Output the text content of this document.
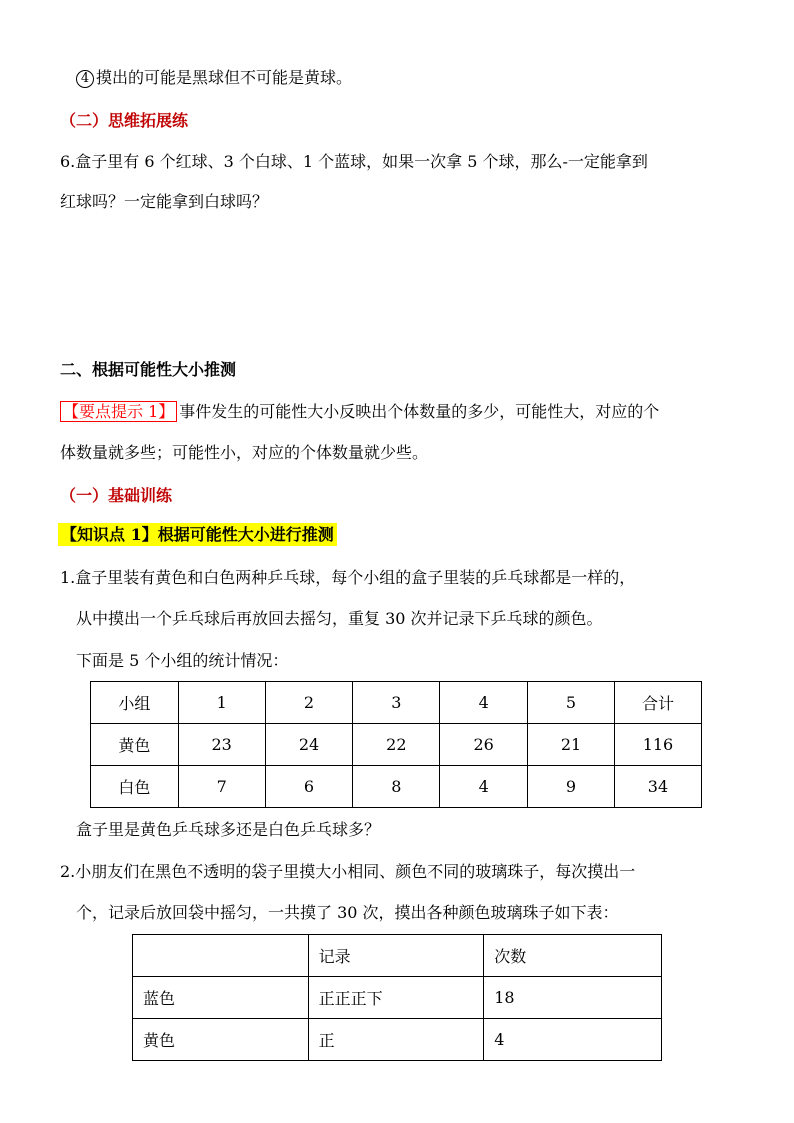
4 摸出的可能是黑球但不可能是黄球。
（二）思维拓展练
6.盒子里有 6 个红球、3 个白球、1 个蓝球，如果一次拿 5 个球，那么-一定能拿到
红球吗？一定能拿到白球吗？
二、根据可能性大小推测
【要点提示 1】 事件发生的可能性大小反映出个体数量的多少，可能性大，对应的个
体数量就多些；可能性小，对应的个体数量就少些。
（一）基础训练
【知识点 1】根据可能性大小进行推测
1.盒子里装有黄色和白色两种乒乓球，每个小组的盒子里装的乒乓球都是一样的，
从中摸出一个乒乓球后再放回去摇匀，重复 30 次并记录下乒乓球的颜色。
下面是 5 个小组的统计情况：
小组	1	2	3	4	5	合计
黄色	23	24	22	26	21	116
白色	7	6	8	4	9	34
盒子里是黄色乒乓球多还是白色乒乓球多？
2.小朋友们在黑色不透明的袋子里摸大小相同、颜色不同的玻璃珠子，每次摸出一
个，记录后放回袋中摇匀，一共摸了 30 次，摸出各种颜色玻璃珠子如下表：
	记录	次数
蓝色	正正正下	18
黄色	正	4
